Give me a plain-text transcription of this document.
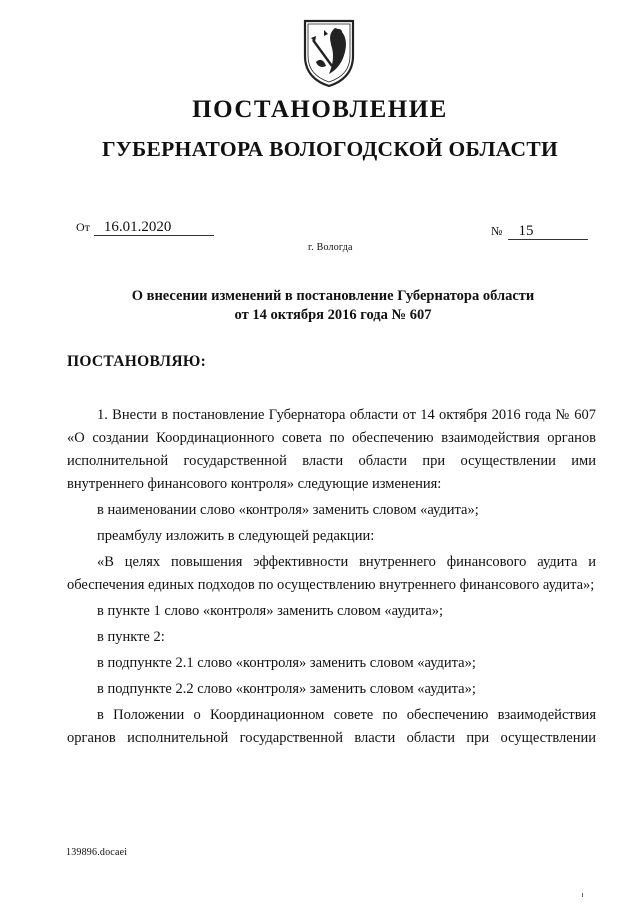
ПОСТАНОВЛЕНИЕ
ГУБЕРНАТОРА ВОЛОГОДСКОЙ ОБЛАСТИ
От 16.01.2020	№ 15
г. Вологда
О внесении изменений в постановление Губернатора области
от 14 октября 2016 года № 607
ПОСТАНОВЛЯЮ:

1. Внести в постановление Губернатора области от 14 октября 2016 года № 607 «О создании Координационного совета по обеспечению взаимодействия органов исполнительной государственной власти области при осуществлении ими внутреннего финансового контроля» следующие изменения:

в наименовании слово «контроля» заменить словом «аудита»;

преамбулу изложить в следующей редакции:

«В целях повышения эффективности внутреннего финансового аудита и обеспечения единых подходов по осуществлению внутреннего финансового аудита»;

в пункте 1 слово «контроля» заменить словом «аудита»;

в пункте 2:

в подпункте 2.1 слово «контроля» заменить словом «аудита»;

в подпункте 2.2 слово «контроля» заменить словом «аудита»;

в Положении о Координационном совете по обеспечению взаимодействия органов исполнительной государственной власти области при осуществлении

139896.docaei
